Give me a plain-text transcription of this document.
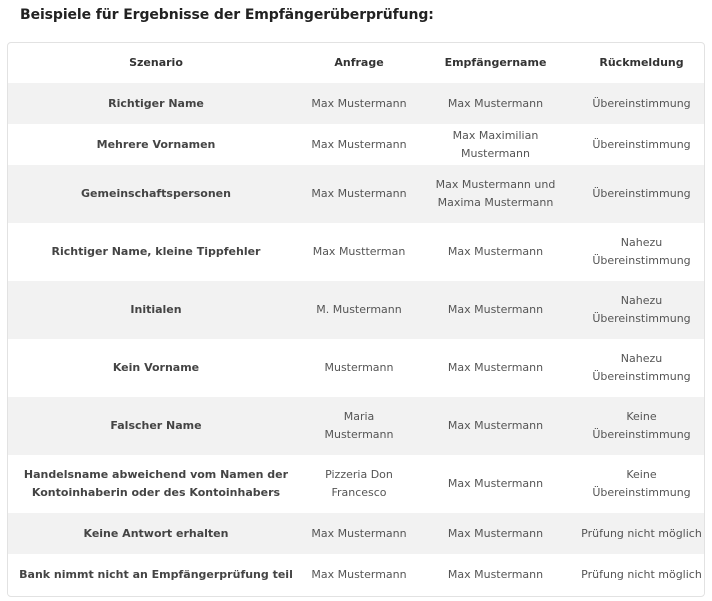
Beispiele für Ergebnisse der Empfängerüberprüfung:
Szenario	Anfrage	Empfängername	Rückmeldung
Richtiger Name	Max Mustermann	Max Mustermann	Übereinstimmung
Mehrere Vornamen	Max Mustermann	Max Maximilian Mustermann	Übereinstimmung
Gemeinschaftspersonen	Max Mustermann	Max Mustermann und Maxima Mustermann	Übereinstimmung
Richtiger Name, kleine Tippfehler	Max Mustterman	Max Mustermann	Nahezu Übereinstimmung
Initialen	M. Mustermann	Max Mustermann	Nahezu Übereinstimmung
Kein Vorname	Mustermann	Max Mustermann	Nahezu Übereinstimmung
Falscher Name	Maria Mustermann	Max Mustermann	Keine Übereinstimmung
Handelsname abweichend vom Namen der Kontoinhaberin oder des Kontoinhabers	Pizzeria Don Francesco	Max Mustermann	Keine Übereinstimmung
Keine Antwort erhalten	Max Mustermann	Max Mustermann	Prüfung nicht möglich
Bank nimmt nicht an Empfängerprüfung teil	Max Mustermann	Max Mustermann	Prüfung nicht möglich
